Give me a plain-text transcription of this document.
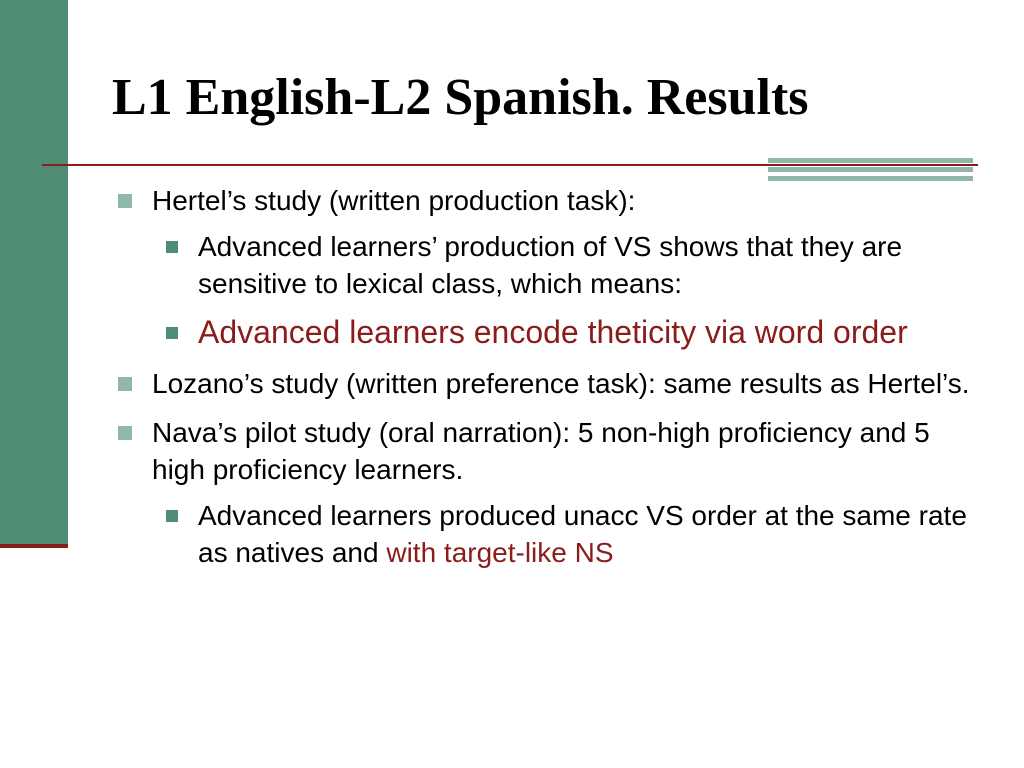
L1 English-L2 Spanish. Results
Hertel’s study (written production task):
Advanced learners’ production of VS shows that they are sensitive to lexical class, which means:
Advanced learners encode theticity via word order
Lozano’s study (written preference task): same results as Hertel’s.
Nava’s pilot study (oral narration): 5 non-high proficiency and 5 high proficiency learners.
Advanced learners produced unacc VS order at the same rate as natives and with target-like NS
